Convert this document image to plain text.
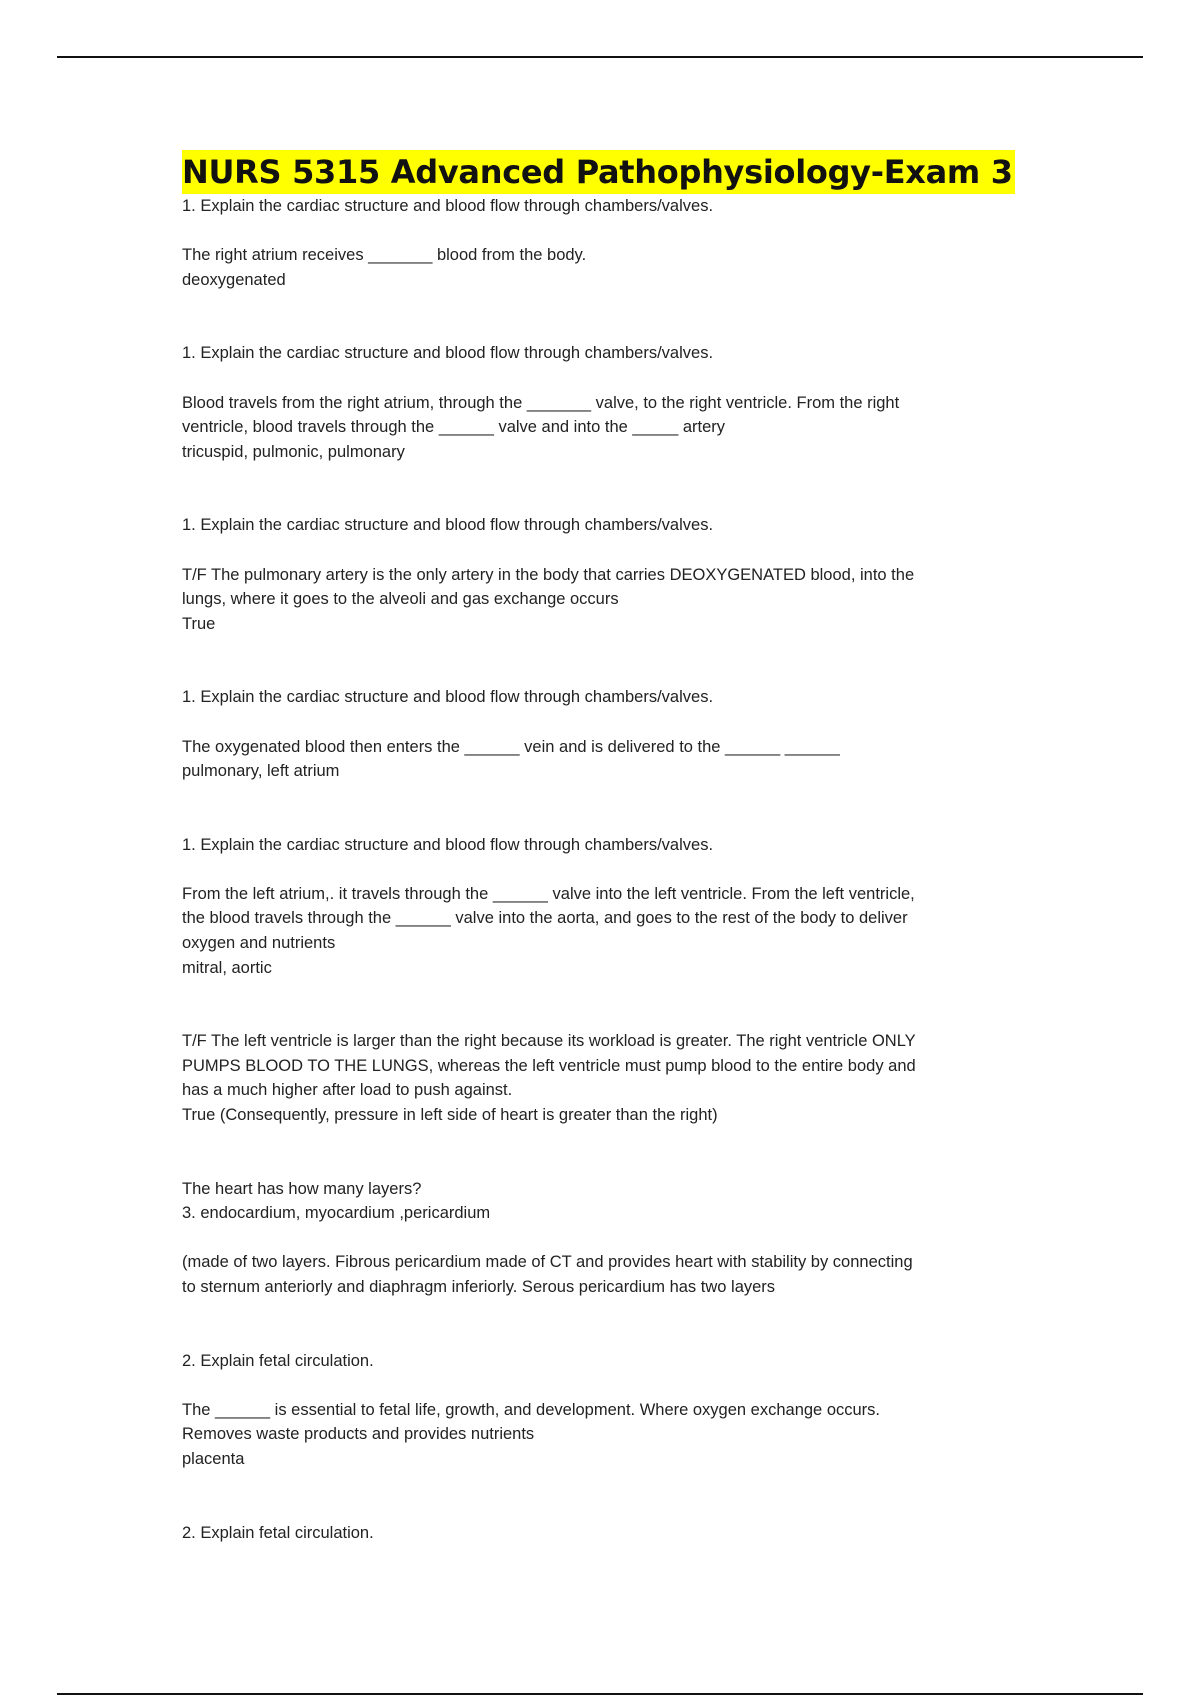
NURS 5315 Advanced Pathophysiology-Exam 3
1. Explain the cardiac structure and blood flow through chambers/valves.
The right atrium receives _______ blood from the body.
deoxygenated
1. Explain the cardiac structure and blood flow through chambers/valves.
Blood travels from the right atrium, through the _______ valve, to the right ventricle. From the right
ventricle, blood travels through the ______ valve and into the _____ artery
tricuspid, pulmonic, pulmonary
1. Explain the cardiac structure and blood flow through chambers/valves.
T/F The pulmonary artery is the only artery in the body that carries DEOXYGENATED blood, into the
lungs, where it goes to the alveoli and gas exchange occurs
True
1. Explain the cardiac structure and blood flow through chambers/valves.
The oxygenated blood then enters the ______ vein and is delivered to the ______ ______
pulmonary, left atrium
1. Explain the cardiac structure and blood flow through chambers/valves.
From the left atrium,. it travels through the ______ valve into the left ventricle. From the left ventricle,
the blood travels through the ______ valve into the aorta, and goes to the rest of the body to deliver
oxygen and nutrients
mitral, aortic
T/F The left ventricle is larger than the right because its workload is greater. The right ventricle ONLY
PUMPS BLOOD TO THE LUNGS, whereas the left ventricle must pump blood to the entire body and
has a much higher after load to push against.
True (Consequently, pressure in left side of heart is greater than the right)
The heart has how many layers?
3. endocardium, myocardium ,pericardium
(made of two layers. Fibrous pericardium made of CT and provides heart with stability by connecting
to sternum anteriorly and diaphragm inferiorly. Serous pericardium has two layers
2. Explain fetal circulation.
The ______ is essential to fetal life, growth, and development. Where oxygen exchange occurs.
Removes waste products and provides nutrients
placenta
2. Explain fetal circulation.
